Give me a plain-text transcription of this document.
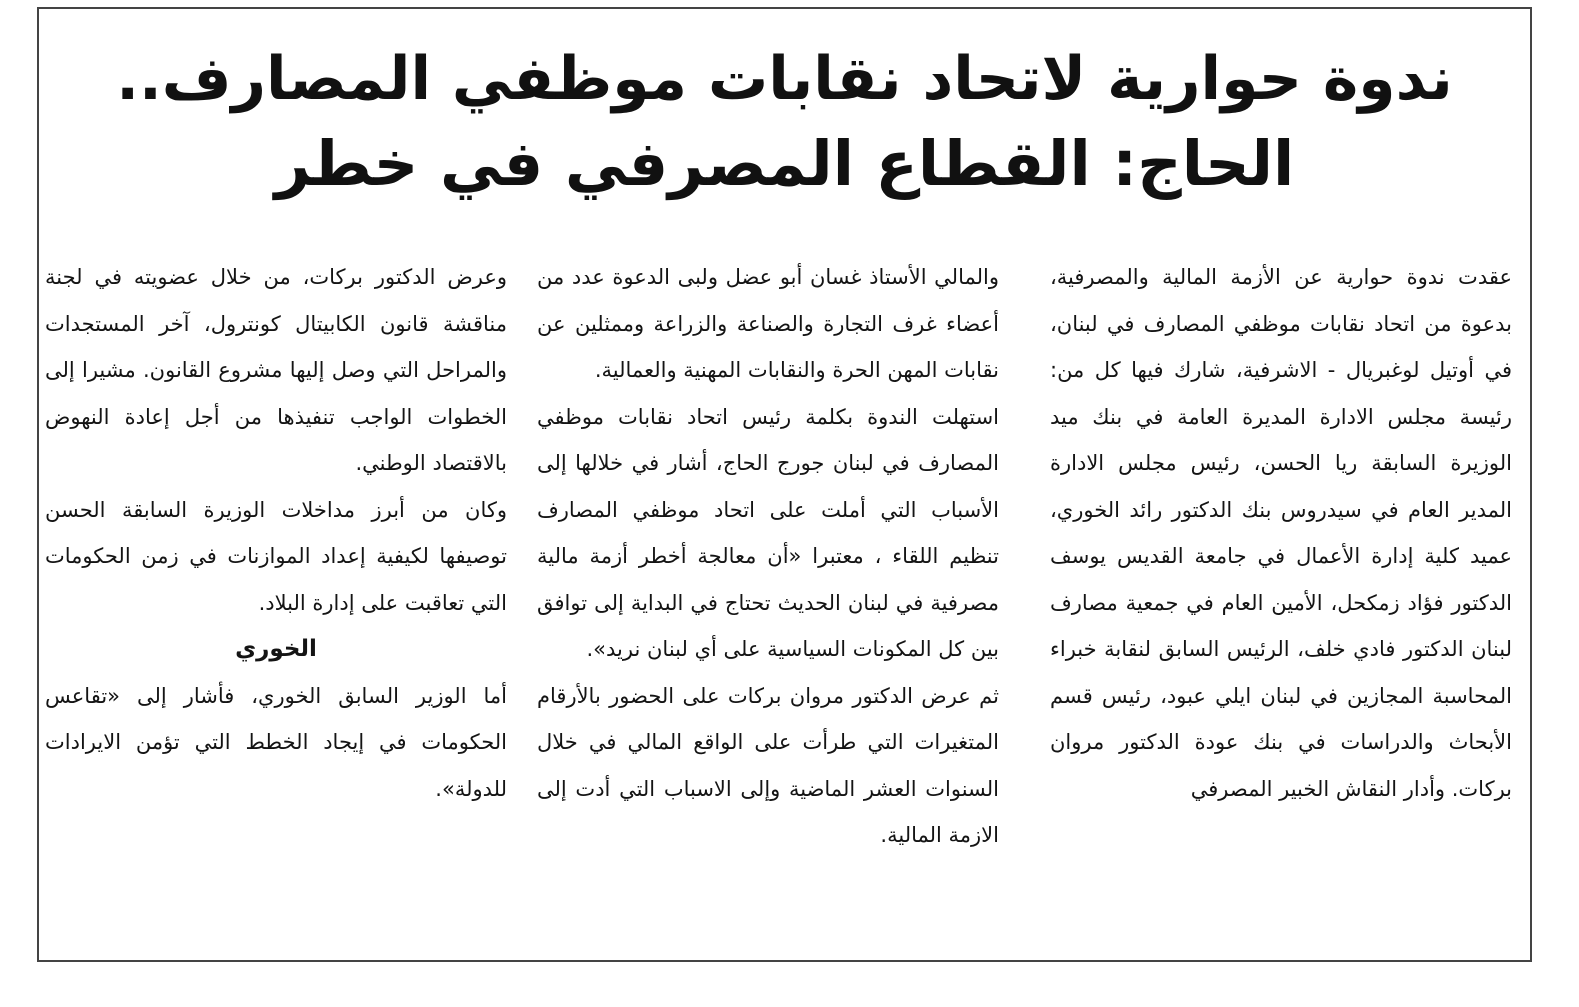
ندوة حوارية لاتحاد نقابات موظفي المصارف..
الحاج: القطاع المصرفي في خطر

عقدت ندوة حوارية عن الأزمة المالية والمصرفية، بدعوة من اتحاد نقابات موظفي المصارف في لبنان، في أوتيل لوغبريال - الاشرفية، شارك فيها كل من: رئيسة مجلس الادارة المديرة العامة في بنك ميد الوزيرة السابقة ريا الحسن، رئيس مجلس الادارة المدير العام في سيدروس بنك الدكتور رائد الخوري، عميد كلية إدارة الأعمال في جامعة القديس يوسف الدكتور فؤاد زمكحل، الأمين العام في جمعية مصارف لبنان الدكتور فادي خلف، الرئيس السابق لنقابة خبراء المحاسبة المجازين في لبنان ايلي عبود، رئيس قسم الأبحاث والدراسات في بنك عودة الدكتور مروان بركات. وأدار النقاش الخبير المصرفي

والمالي الأستاذ غسان أبو عضل ولبى الدعوة عدد من أعضاء غرف التجارة والصناعة والزراعة وممثلين عن نقابات المهن الحرة والنقابات المهنية والعمالية.

استهلت الندوة بكلمة رئيس اتحاد نقابات موظفي المصارف في لبنان جورج الحاج، أشار في خلالها إلى الأسباب التي أملت على اتحاد موظفي المصارف تنظيم اللقاء ، معتبرا «أن معالجة أخطر أزمة مالية مصرفية في لبنان الحديث تحتاج في البداية إلى توافق بين كل المكونات السياسية على أي لبنان نريد».

ثم عرض الدكتور مروان بركات على الحضور بالأرقام المتغيرات التي طرأت على الواقع المالي في خلال السنوات العشر الماضية وإلى الاسباب التي أدت إلى الازمة المالية.

وعرض الدكتور بركات، من خلال عضويته في لجنة مناقشة قانون الكابيتال كونترول، آخر المستجدات والمراحل التي وصل إليها مشروع القانون. مشيرا إلى الخطوات الواجب تنفيذها من أجل إعادة النهوض بالاقتصاد الوطني.

وكان من أبرز مداخلات الوزيرة السابقة الحسن توصيفها لكيفية إعداد الموازنات في زمن الحكومات التي تعاقبت على إدارة البلاد.

الخوري

أما الوزير السابق الخوري، فأشار إلى «تقاعس الحكومات في إيجاد الخطط التي تؤمن الايرادات للدولة».
